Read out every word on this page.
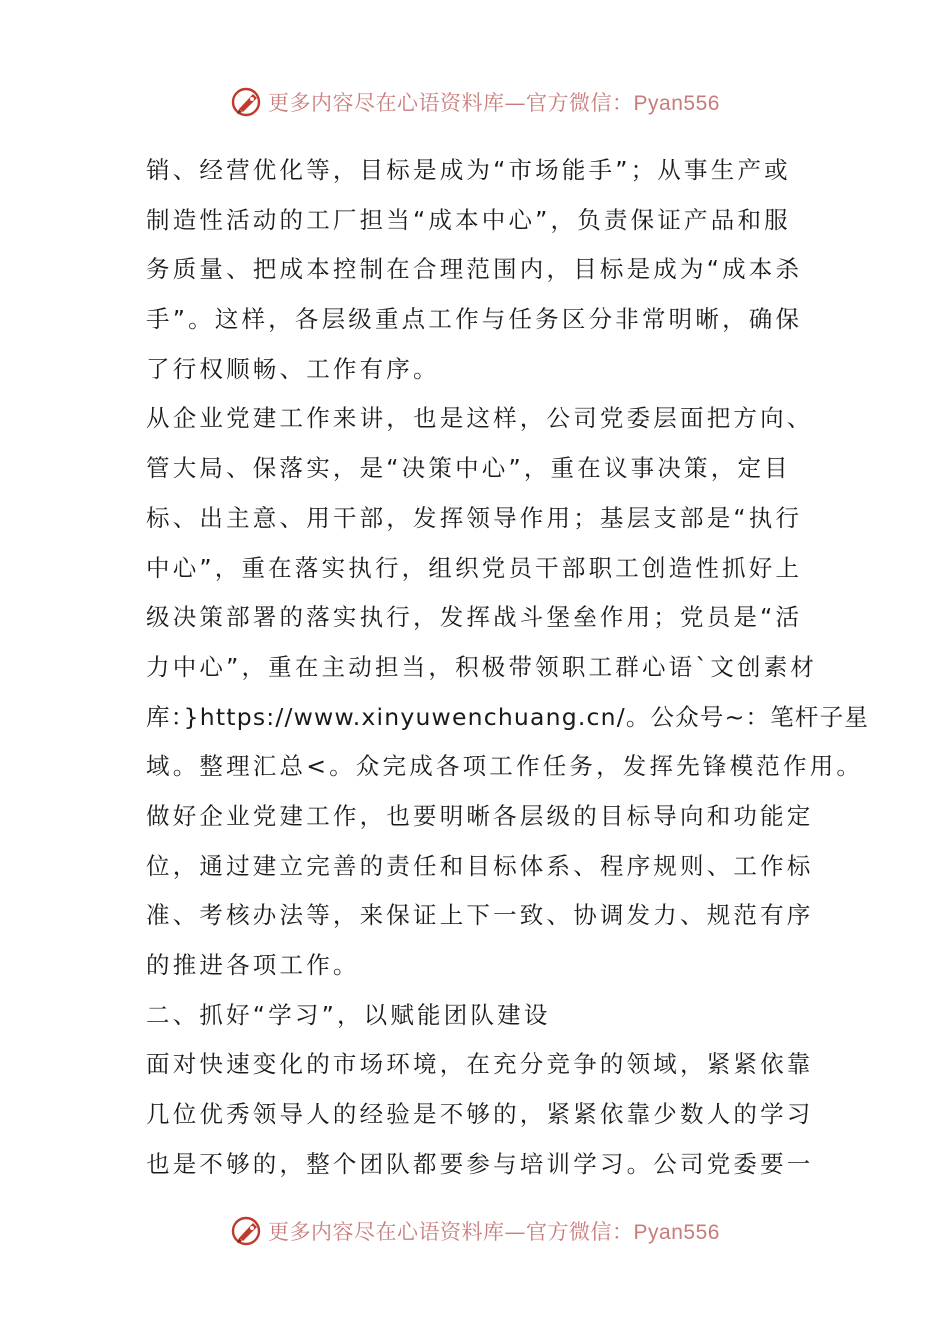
更多内容尽在心语资料库—官方微信：Pyan556
销、经营优化等，目标是成为“市场能手”；从事生产或
制造性活动的工厂担当“成本中心”，负责保证产品和服
务质量、把成本控制在合理范围内，目标是成为“成本杀
手”。这样，各层级重点工作与任务区分非常明晰，确保
了行权顺畅、工作有序。
从企业党建工作来讲，也是这样，公司党委层面把方向、
管大局、保落实，是“决策中心”，重在议事决策，定目
标、出主意、用干部，发挥领导作用；基层支部是“执行
中心”，重在落实执行，组织党员干部职工创造性抓好上
级决策部署的落实执行，发挥战斗堡垒作用；党员是“活
力中心”，重在主动担当，积极带领职工群心语`文创素材
库：}https://www.xinyuwenchuang.cn/。公众号~：笔杆子星
域。整理汇总<。众完成各项工作任务，发挥先锋模范作用。
做好企业党建工作，也要明晰各层级的目标导向和功能定
位，通过建立完善的责任和目标体系、程序规则、工作标
准、考核办法等，来保证上下一致、协调发力、规范有序
的推进各项工作。
二、抓好“学习”，以赋能团队建设
面对快速变化的市场环境，在充分竞争的领域，紧紧依靠
几位优秀领导人的经验是不够的，紧紧依靠少数人的学习
也是不够的，整个团队都要参与培训学习。公司党委要一
更多内容尽在心语资料库—官方微信：Pyan556
